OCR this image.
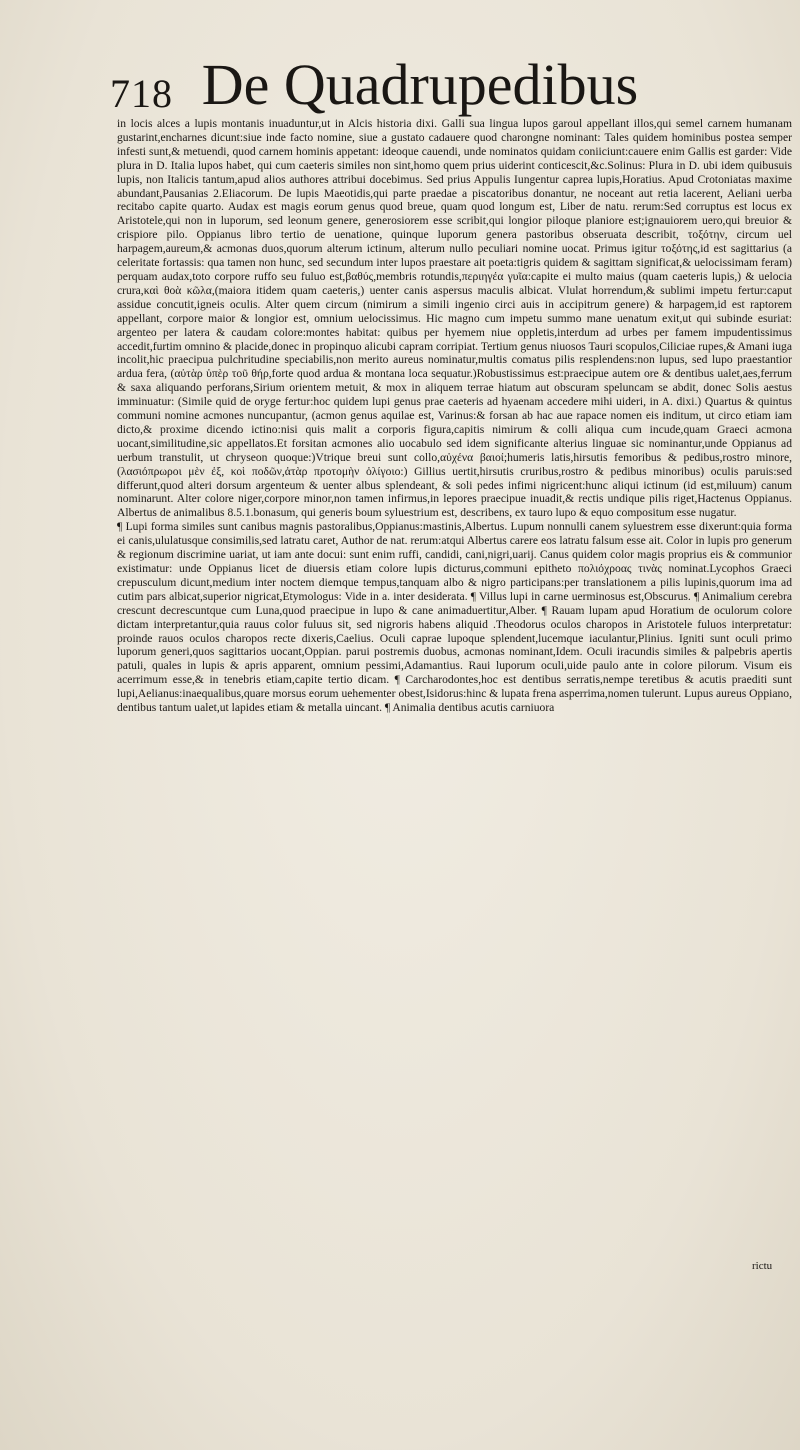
718 De Quadrupedibus

in locis alces a lupis montanis inuaduntur,ut in Alcis historia dixi. Galli sua lingua lupos garoul appellant illos,qui semel carnem humanam gustarint,encharnes dicunt:siue inde facto nomine, siue a gustato cadauere quod charongne nominant: Tales quidem hominibus postea semper infesti sunt,& metuendi, quod carnem hominis appetant: ideoque cauendi, unde nominatos quidam coniiciunt:cauere enim Gallis est garder: Vide plura in D. Italia lupos habet, qui cum caeteris similes non sint,homo quem prius uiderint conticescit,&c.Solinus: Plura in D. ubi idem quibusuis lupis, non Italicis tantum,apud alios authores attribui docebimus. Sed prius Appulis Iungentur caprea lupis,Horatius. Apud Crotoniatas maxime abundant,Pausanias 2.Eliacorum. De lupis Maeotidis,qui parte praedae a piscatoribus donantur, ne noceant aut retia lacerent, Aeliani uerba recitabo capite quarto. Audax est magis eorum genus quod breue, quam quod longum est, Liber de natu. rerum:Sed corruptus est locus ex Aristotele,qui non in luporum, sed leonum genere, generosiorem esse scribit,qui longior piloque planiore est;ignauiorem uero,qui breuior & crispiore pilo. Oppianus libro tertio de uenatione, quinque luporum genera pastoribus obseruata describit, τοξότην, circum uel harpagem,aureum,& acmonas duos,quorum alterum ictinum, alterum nullo peculiari nomine uocat. Primus igitur τοξότης,id est sagittarius (a celeritate fortassis: qua tamen non hunc, sed secundum inter lupos praestare ait poeta:tigris quidem & sagittam significat,& uelocissimam feram) perquam audax,toto corpore ruffo seu fuluo est,βαθύς,membris rotundis,περιηγέα γυῖα:capite ei multo maius (quam caeteris lupis,) & uelocia crura,καὶ θοὰ κῶλα,(maiora itidem quam caeteris,) uenter canis aspersus maculis albicat. Vlulat horrendum,& sublimi impetu fertur:caput assidue concutit,igneis oculis. Alter quem circum (nimirum a simili ingenio circi auis in accipitrum genere) & harpagem,id est raptorem appellant, corpore maior & longior est, omnium uelocissimus. Hic magno cum impetu summo mane uenatum exit,ut qui subinde esuriat: argenteo per latera & caudam colore:montes habitat: quibus per hyemem niue oppletis,interdum ad urbes per famem impudentissimus accedit,furtim omnino & placide,donec in propinquo alicubi capram corripiat. Tertium genus niuosos Tauri scopulos,Ciliciae rupes,& Amani iuga incolit,hic praecipua pulchritudine speciabilis,non merito aureus nominatur,multis comatus pilis resplendens:non lupus, sed lupo praestantior ardua fera, (αὐτὰρ ὑπὲρ τοῦ θήρ,forte quod ardua & montana loca sequatur.)Robustissimus est:praecipue autem ore & dentibus ualet,aes,ferrum & saxa aliquando perforans,Sirium orientem metuit, & mox in aliquem terrae hiatum aut obscuram speluncam se abdit, donec Solis aestus imminuatur: (Simile quid de oryge fertur:hoc quidem lupi genus prae caeteris ad hyaenam accedere mihi uideri, in A. dixi.) Quartus & quintus communi nomine acmones nuncupantur, (acmon genus aquilae est, Varinus:& forsan ab hac aue rapace nomen eis inditum, ut circo etiam iam dicto,& proxime dicendo ictino:nisi quis malit a corporis figura,capitis nimirum & colli aliqua cum incude,quam Graeci acmona uocant,similitudine,sic appellatos.Et forsitan acmones alio uocabulo sed idem significante alterius linguae sic nominantur,unde Oppianus ad uerbum transtulit, ut chryseon quoque:)Vtrique breui sunt collo,αὐχένα βαιοί;humeris latis,hirsutis femoribus & pedibus,rostro minore,(λασιόπρωροι μὲν ἐξ, κοὶ ποδῶν,ἀτὰρ προτομὴν ὀλίγοιο:) Gillius uertit,hirsutis cruribus,rostro & pedibus minoribus) oculis paruis:sed differunt,quod alteri dorsum argenteum & uenter albus splendeant, & soli pedes infimi nigricent:hunc aliqui ictinum (id est,miluum) canum nominarunt. Alter colore niger,corpore minor,non tamen infirmus,in lepores praecipue inuadit,& rectis undique pilis riget,Hactenus Oppianus. Albertus de animalibus 8.5.1.bonasum, qui generis boum syluestrium est, describens, ex tauro lupo & equo compositum esse nugatur.

¶ Lupi forma similes sunt canibus magnis pastoralibus,Oppianus:mastinis,Albertus. Lupum nonnulli canem syluestrem esse dixerunt:quia forma ei canis,ululatusque consimilis,sed latratu caret, Author de nat. rerum:atqui Albertus carere eos latratu falsum esse ait. Color in lupis pro generum & regionum discrimine uariat, ut iam ante docui: sunt enim ruffi, candidi, cani,nigri,uarij. Canus quidem color magis proprius eis & communior existimatur: unde Oppianus licet de diuersis etiam colore lupis dicturus,communi epitheto πολιόχροας τινὰς nominat.Lycophos Graeci crepusculum dicunt,medium inter noctem diemque tempus,tanquam albo & nigro participans:per translationem a pilis lupinis,quorum ima ad cutim pars albicat,superior nigricat,Etymologus: Vide in a. inter desiderata. ¶ Villus lupi in carne uerminosus est,Obscurus. ¶ Animalium cerebra crescunt decrescuntque cum Luna,quod praecipue in lupo & cane animaduertitur,Alber. ¶ Rauam lupam apud Horatium de oculorum colore dictam interpretantur,quia rauus color fuluus sit, sed nigroris habens aliquid .Theodorus oculos charopos in Aristotele fuluos interpretatur: proinde rauos oculos charopos recte dixeris,Caelius. Oculi caprae lupoque splendent,lucemque iaculantur,Plinius. Igniti sunt oculi primo luporum generi,quos sagittarios uocant,Oppian. parui postremis duobus, acmonas nominant,Idem. Oculi iracundis similes & palpebris apertis patuli, quales in lupis & apris apparent, omnium pessimi,Adamantius. Raui luporum oculi,uide paulo ante in colore pilorum. Visum eis acerrimum esse,& in tenebris etiam,capite tertio dicam. ¶ Carcharodontes,hoc est dentibus serratis,nempe teretibus & acutis praediti sunt lupi,Aelianus:inaequalibus,quare morsus eorum uehementer obest,Isidorus:hinc & lupata frena asperrima,nomen tulerunt. Lupus aureus Oppiano, dentibus tantum ualet,ut lapides etiam & metalla uincant. ¶ Animalia dentibus acutis carniuora

rictu
